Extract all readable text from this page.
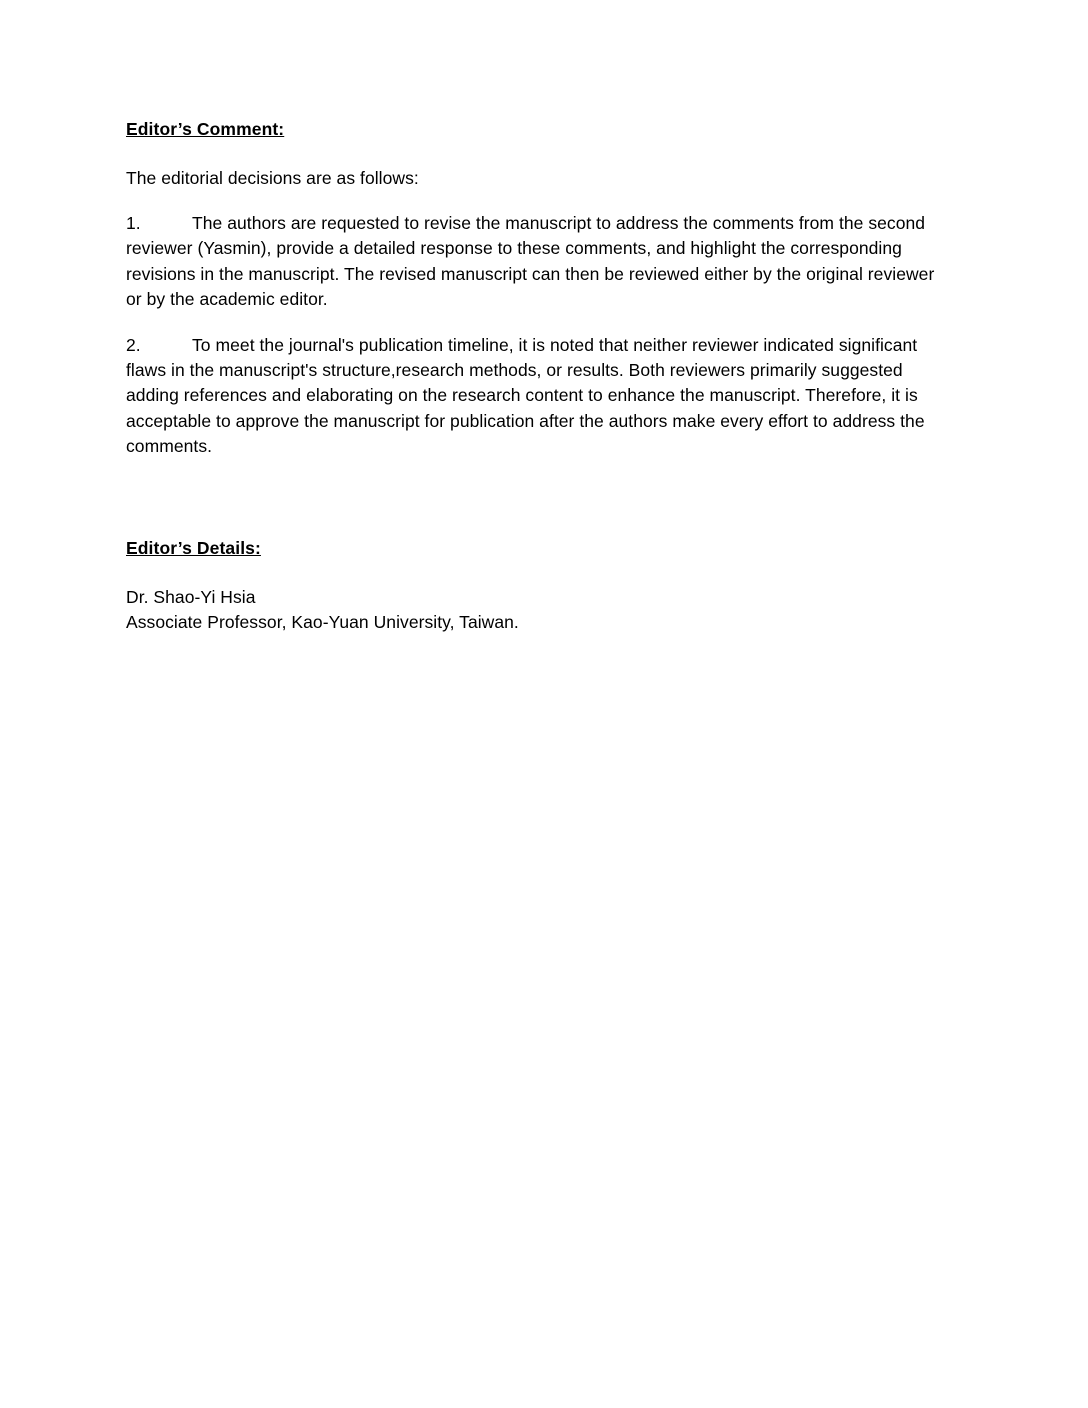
Editor’s Comment:

The editorial decisions are as follows:

1.	The authors are requested to revise the manuscript to address the comments from the second reviewer (Yasmin), provide a detailed response to these comments, and highlight the corresponding revisions in the manuscript. The revised manuscript can then be reviewed either by the original reviewer or by the academic editor.

2.	To meet the journal's publication timeline, it is noted that neither reviewer indicated significant flaws in the manuscript's structure,research methods, or results. Both reviewers primarily suggested adding references and elaborating on the research content to enhance the manuscript. Therefore, it is acceptable to approve the manuscript for publication after the authors make every effort to address the comments.

Editor’s Details:
Dr. Shao-Yi Hsia
Associate Professor, Kao-Yuan University, Taiwan.
